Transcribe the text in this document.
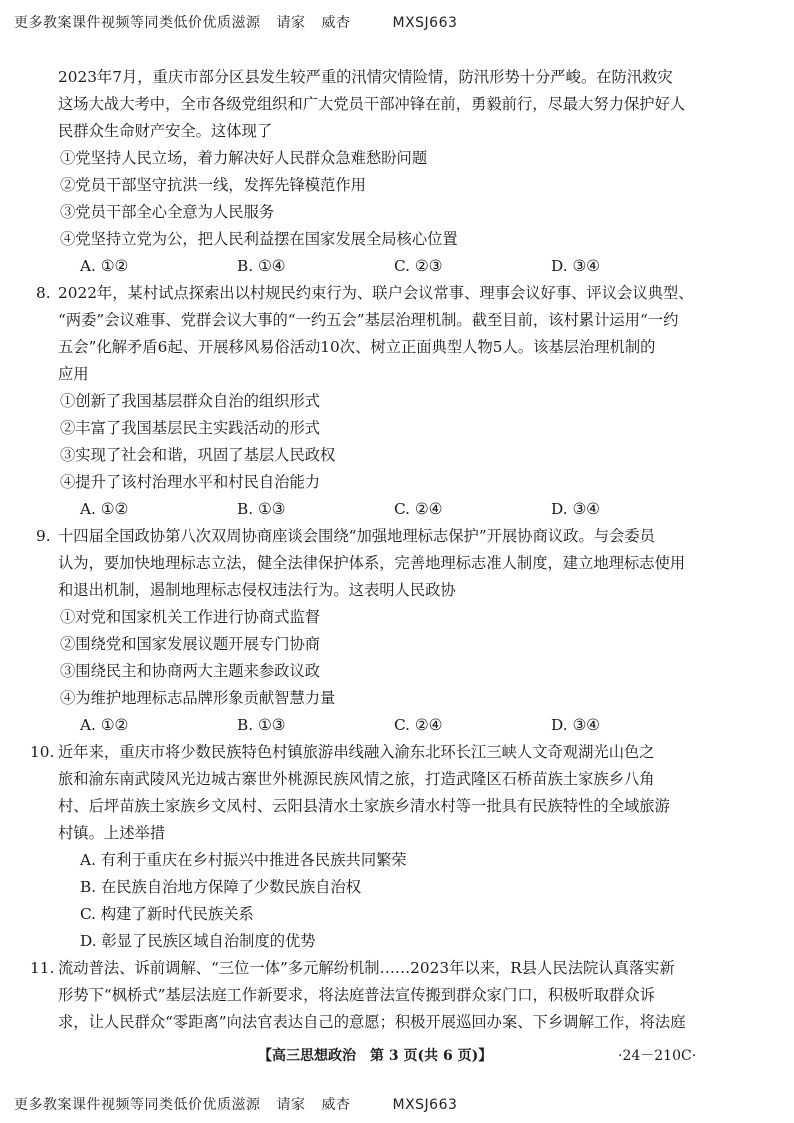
更多教案课件视频等同类低价优质滋源 请家 威杏	MXSJ663
2023年7月，重庆市部分区县发生较严重的汛情灾情险情，防汛形势十分严峻。在防汛救灾
这场大战大考中，全市各级党组织和广大党员干部冲锋在前，勇毅前行，尽最大努力保护好人
民群众生命财产安全。这体现了
①党坚持人民立场，着力解决好人民群众急难愁盼问题
②党员干部坚守抗洪一线，发挥先锋模范作用
③党员干部全心全意为人民服务
④党坚持立党为公，把人民利益摆在国家发展全局核心位置
A. ①②	B. ①④	C. ②③	D. ③④
8. 2022年，某村试点探索出以村规民约束行为、联户会议常事、理事会议好事、评议会议典型、
“两委”会议难事、党群会议大事的“一约五会”基层治理机制。截至目前，该村累计运用“一约
五会”化解矛盾6起、开展移风易俗活动10次、树立正面典型人物5人。该基层治理机制的
应用
①创新了我国基层群众自治的组织形式
②丰富了我国基层民主实践活动的形式
③实现了社会和谐，巩固了基层人民政权
④提升了该村治理水平和村民自治能力
A. ①②	B. ①③	C. ②④	D. ③④
9. 十四届全国政协第八次双周协商座谈会围绕“加强地理标志保护”开展协商议政。与会委员
认为，要加快地理标志立法，健全法律保护体系，完善地理标志准人制度，建立地理标志使用
和退出机制，遏制地理标志侵权违法行为。这表明人民政协
①对党和国家机关工作进行协商式监督
②围绕党和国家发展议题开展专门协商
③围绕民主和协商两大主题来参政议政
④为维护地理标志品牌形象贡献智慧力量
A. ①②	B. ①③	C. ②④	D. ③④
10. 近年来，重庆市将少数民族特色村镇旅游串线融入渝东北环长江三峡人文奇观湖光山色之
旅和渝东南武陵风光边城古寨世外桃源民族风情之旅，打造武隆区石桥苗族土家族乡八角
村、后坪苗族土家族乡文凤村、云阳县清水土家族乡清水村等一批具有民族特性的全域旅游
村镇。上述举措
A. 有利于重庆在乡村振兴中推进各民族共同繁荣
B. 在民族自治地方保障了少数民族自治权
C. 构建了新时代民族关系
D. 彰显了民族区域自治制度的优势
11. 流动普法、诉前调解、“三位一体”多元解纷机制……2023年以来，R县人民法院认真落实新
形势下“枫桥式”基层法庭工作新要求，将法庭普法宣传搬到群众家门口，积极听取群众诉
求，让人民群众“零距离”向法官表达自己的意愿；积极开展巡回办案、下乡调解工作，将法庭
【高三思想政治　第 3 页(共 6 页)】	·24－210C·
更多教案课件视频等同类低价优质滋源 请家 威杏	MXSJ663
